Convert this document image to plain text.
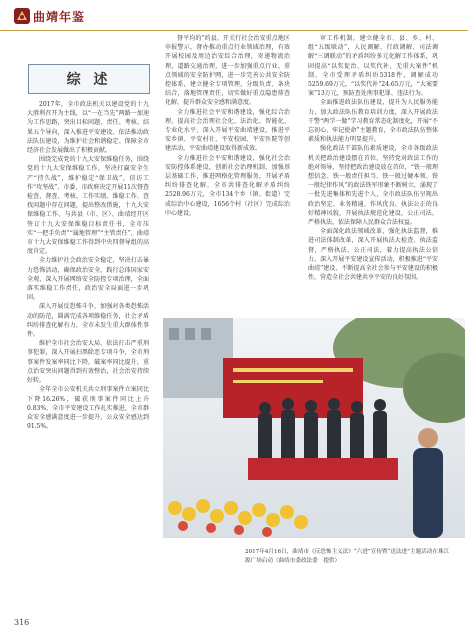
曲靖年鉴
综 述

2017年，全市政法机关以建设党的十九大胜利召开为主线，以“一在当先”两路一加速为工作思路，突出目标问题、责任、考核、结果五个导向，深入推进平安建设、依法推动政法队伍建设，为维护社会和谐稳定、保障全市经济社会发展做出了积极贡献。

围绕完成党的十九大安保维稳任务，围绕党的十九大安保维稳工作，坚决打赢安全生产“持久战”，维护稳定“保卫战”，信访工作“攻坚战”、市委、市政府决定开展11次督查检查，督查、考核、工作实绩、维稳工作、查找问题中存在问题，提出整改措施，十九大安保维稳工作、与共县（市、区）、曲靖经开区签订十九大安保维稳目标责任书，全市压实“一把手负责”“属地管理”“主管责任”，曲靖市十九大安保维稳工作得到中央四督导组的高度肯定。

全力维护社会政治安全稳定，坚决打击暴力恐怖活动，确保政治安全。践行总体国家安全观，深入开展网络安全防控专项治理，全面落实维稳工作责任，政治安全局面进一步巩固。

深入开展反恐怖斗争，加强对各类恐怖活动的防范，圆满完成各项维稳任务，社会矛盾纠纷排查化解有力，全市未发生重大群体性事件。

维护全市社会治安大局，依法打击严重刑事犯罪，深入开展扫黑除恶专项斗争，全市刑事案件发案率同比下降，破案率同比提升，重点治安突出问题得到有效整治，社会治安持续好转。

全年全市公安机关共立刑事案件立案同比下降16.26%，破获刑事案件同比上升0.83%，全市平安建设工作扎实推进，全市群众安全感满意度进一步提升，公众安全感达到91.5%。

督平均的”的县，开关行社会治安重点地区申报警示，督办推动重点行业领域治理，有效开展校园及周边治安综合治理，寄递物流治理，道路交通治理，进一步加强重点行业、重点领域的安全防护网，进一步完善公共安全防控体系，建立健全专项管理，分级负责、条块结合，落地管理责任，切实做好重点隐患排查化解，提升群众安全感和满意度。

全力推进社会平安和谐建设，强化综合治理，提高社会治理社会化、法治化、智能化、专业化水平，深入开展平安曲靖建设，推进平安乡镇、平安村社、平安校园、平安医院等创建活动，平安曲靖建设取得新成效。

全力推进社会平安和谐建设，强化社会治安防控体系建设，创新社会治理机制，加强基层基础工作，推进网格化管理服务，开展矛盾纠纷排查化解，全市共排查化解矛盾纠纷2528.96万元，全市134个乡（镇、街道）完成综治中心建设，1656个村（社区）完成综治中心建设。

审工作机制，建立健全市、县、乡、村、组“五级联动”，人民调解、行政调解、司法调解“三调联动”的矛盾纠纷多元化解工作体系，巩固提高“以奖促治、以奖代补、无重大案件”机制，全市受理矛盾纠纷5318件，调解成功5259.69万元，“以奖代补”24.65万元，“大案要案”13万元，预防查处刑事犯罪、违法行为。

全面推进政法队伍建设，提升为人民服务能力，加大政法队伍教育培训力度，深入开展政法干警“两学一做”学习教育常态化制度化，开展“不忘初心、牢记使命”主题教育，全市政法队伍整体素质和执法能力明显提升。

强化政法干部队伍素质建设，全市各级政法机关把政治建设摆在首位，坚持党对政法工作的绝对领导，坚持把政治建设放在首位，“铁一般理想信念、铁一般责任担当、铁一般过硬本领、铁一般纪律作风”的政法铁军形象不断树立，涌现了一批先进集体和先进个人，全市政法队伍呈现出政治坚定、业务精通、作风优良、执法公正的良好精神风貌，开展执法规范化建设，公正司法，严格执法，依法保障人民群众合法权益。

全面深化政法领域改革，强化执法监督，推进司法体制改革，深入开展执法大检查、执法监督，严格执法、公正司法，着力提高执法公信力。深入开展平安建设宣传活动，积极推进“平安曲靖”建设，不断提高全社会参与平安建设的积极性，营造全社会共建共享平安的良好氛围。

2017年4月16日，曲靖市《反恐怖主义法》“六进”宣传暨“送法进”主题活动在珠江源广场启动（曲靖市委政法委　提供）
316
